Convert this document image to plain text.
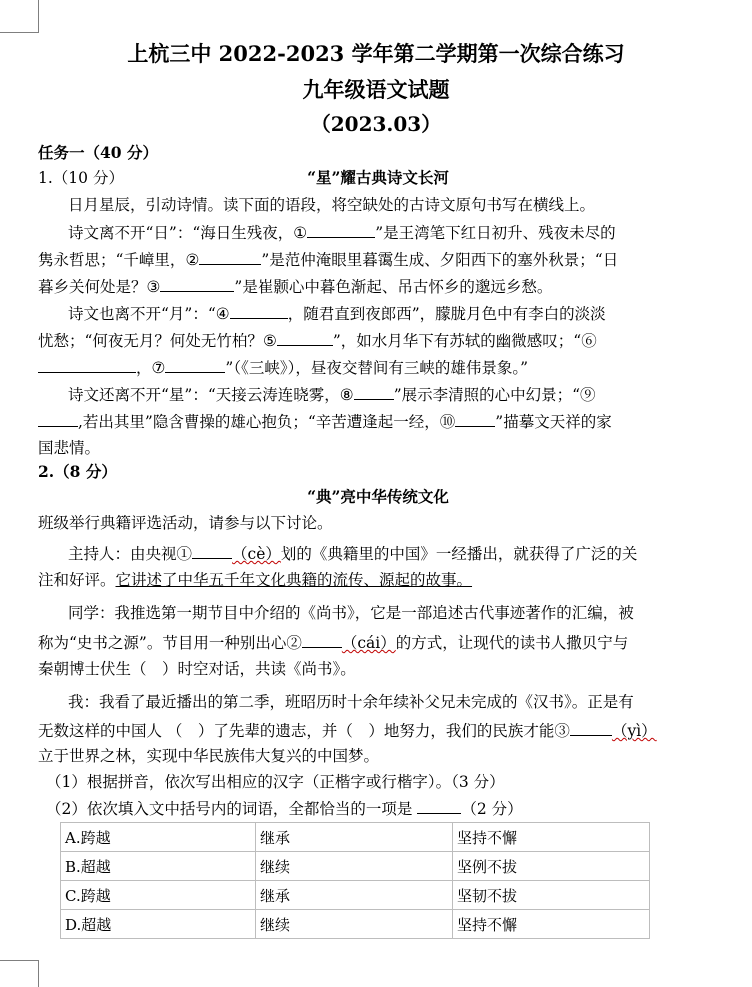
上杭三中 2022-2023 学年第二学期第一次综合练习
九年级语文试题
（2023.03）
任务一（40 分）
1.（10 分）	“星”耀古典诗文长河
日月星辰，引动诗情。读下面的语段，将空缺处的古诗文原句书写在横线上。
诗文离不开“日”：“海日生残夜，①	”是王湾笔下红日初升、残夜未尽的
隽永哲思；“千嶂里，②	”是范仲淹眼里暮霭生成、夕阳西下的塞外秋景；“日
暮乡关何处是？③	”是崔颢心中暮色渐起、吊古怀乡的邈远乡愁。
诗文也离不开“月”：“④	，随君直到夜郎西”，朦胧月色中有李白的淡淡
忧愁；“何夜无月？何处无竹柏？⑤	”，如水月华下有苏轼的幽微感叹；“⑥
，⑦	”（《三峡》），昼夜交替间有三峡的雄伟景象。”
诗文还离不开“星”：“天接云涛连晓雾，⑧	”展示李清照的心中幻景；“⑨
,若出其里”隐含曹操的雄心抱负；“辛苦遭逢起一经，⑩	”描摹文天祥的家
国悲情。
2.（8 分）
“典”亮中华传统文化
班级举行典籍评选活动，请参与以下讨论。
主持人：由央视①	（cè）划的《典籍里的中国》一经播出，就获得了广泛的关
注和好评。它讲述了中华五千年文化典籍的流传、源起的故事。
同学：我推选第一期节目中介绍的《尚书》，它是一部追述古代事迹著作的汇编，被
称为“史书之源”。节目用一种别出心②	（cái）的方式，让现代的读书人撒贝宁与
秦朝博士伏生（　）时空对话，共读《尚书》。
我：我看了最近播出的第二季，班昭历时十余年续补父兄未完成的《汉书》。正是有
无数这样的中国人 （　）了先辈的遗志，并（　）地努力，我们的民族才能③	（yì）
立于世界之林，实现中华民族伟大复兴的中国梦。
（1）根据拼音，依次写出相应的汉字（正楷字或行楷字）。（3 分）
（2）依次填入文中括号内的词语，全都恰当的一项是	（2 分）
A.跨越	继承	坚持不懈
B.超越	继续	坚例不拔
C.跨越	继承	坚韧不拔
D.超越	继续	坚持不懈
